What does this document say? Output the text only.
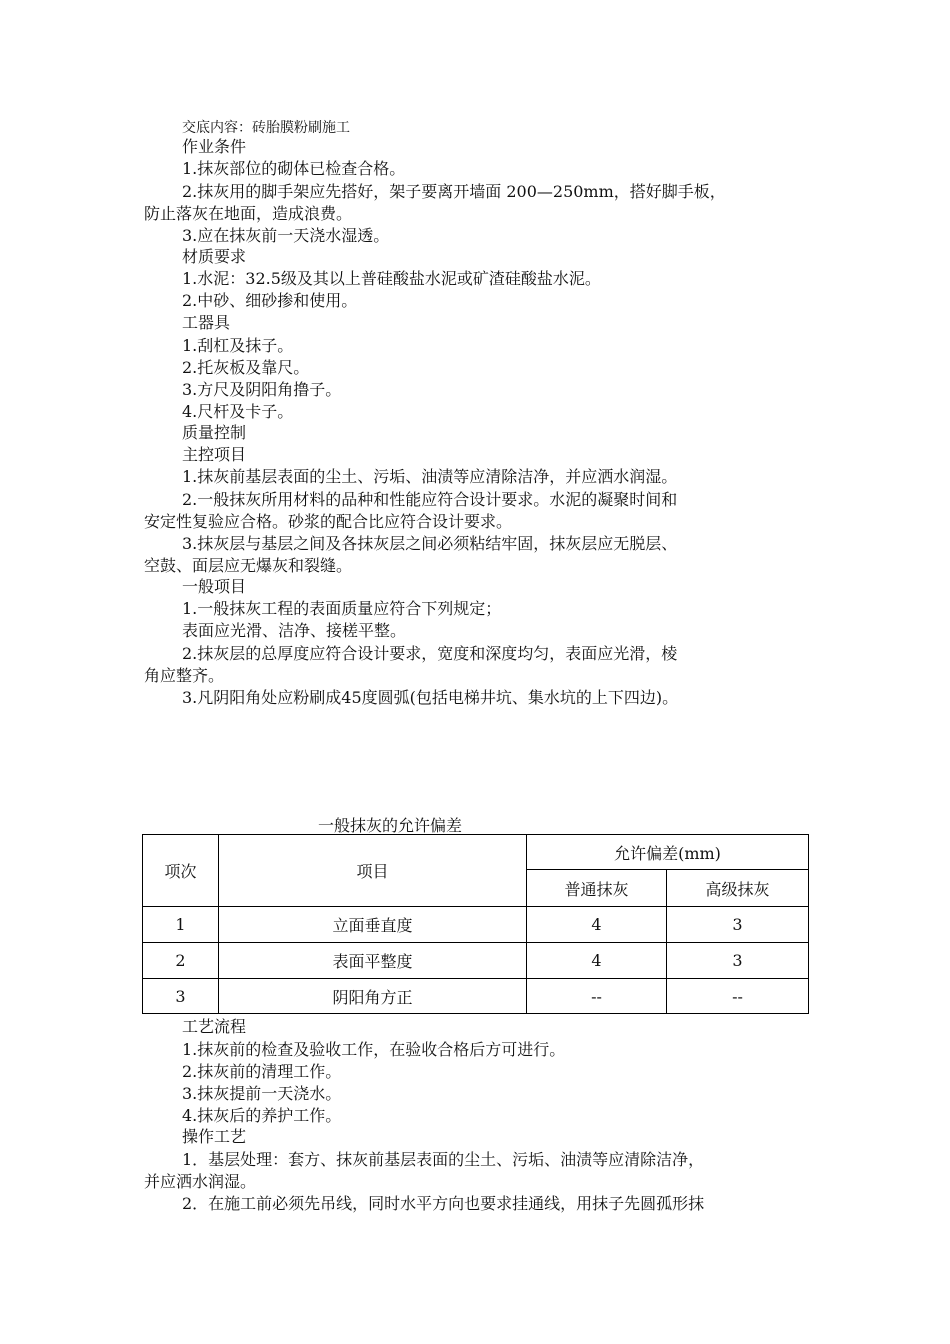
交底内容：砖胎膜粉刷施工
作业条件
1.抹灰部位的砌体已检查合格。
2.抹灰用的脚手架应先搭好，架子要离开墙面 200—250mm，搭好脚手板，
防止落灰在地面，造成浪费。
3.应在抹灰前一天浇水湿透。
材质要求
1.水泥：32.5级及其以上普硅酸盐水泥或矿渣硅酸盐水泥。
2.中砂、细砂掺和使用。
工器具
1.刮杠及抹子。
2.托灰板及靠尺。
3.方尺及阴阳角撸子。
4.尺杆及卡子。
质量控制
主控项目
1.抹灰前基层表面的尘土、污垢、油渍等应清除洁净，并应洒水润湿。
2.一般抹灰所用材料的品种和性能应符合设计要求。水泥的凝聚时间和
安定性复验应合格。砂浆的配合比应符合设计要求。
3.抹灰层与基层之间及各抹灰层之间必须粘结牢固，抹灰层应无脱层、
空鼓、面层应无爆灰和裂缝。
一般项目
1.一般抹灰工程的表面质量应符合下列规定；
表面应光滑、洁净、接槎平整。
2.抹灰层的总厚度应符合设计要求，宽度和深度均匀，表面应光滑，棱
角应整齐。
3.凡阴阳角处应粉刷成45度圆弧(包括电梯井坑、集水坑的上下四边)。
一般抹灰的允许偏差
项次	项目	允许偏差(mm)	
		普通抹灰	高级抹灰
1	立面垂直度	4	3
2	表面平整度	4	3
3	阴阳角方正	--	--
工艺流程
1.抹灰前的检查及验收工作，在验收合格后方可进行。
2.抹灰前的清理工作。
3.抹灰提前一天浇水。
4.抹灰后的养护工作。
操作工艺
1．基层处理：套方、抹灰前基层表面的尘土、污垢、油渍等应清除洁净，
并应洒水润湿。
2．在施工前必须先吊线，同时水平方向也要求挂通线，用抹子先圆孤形抹
